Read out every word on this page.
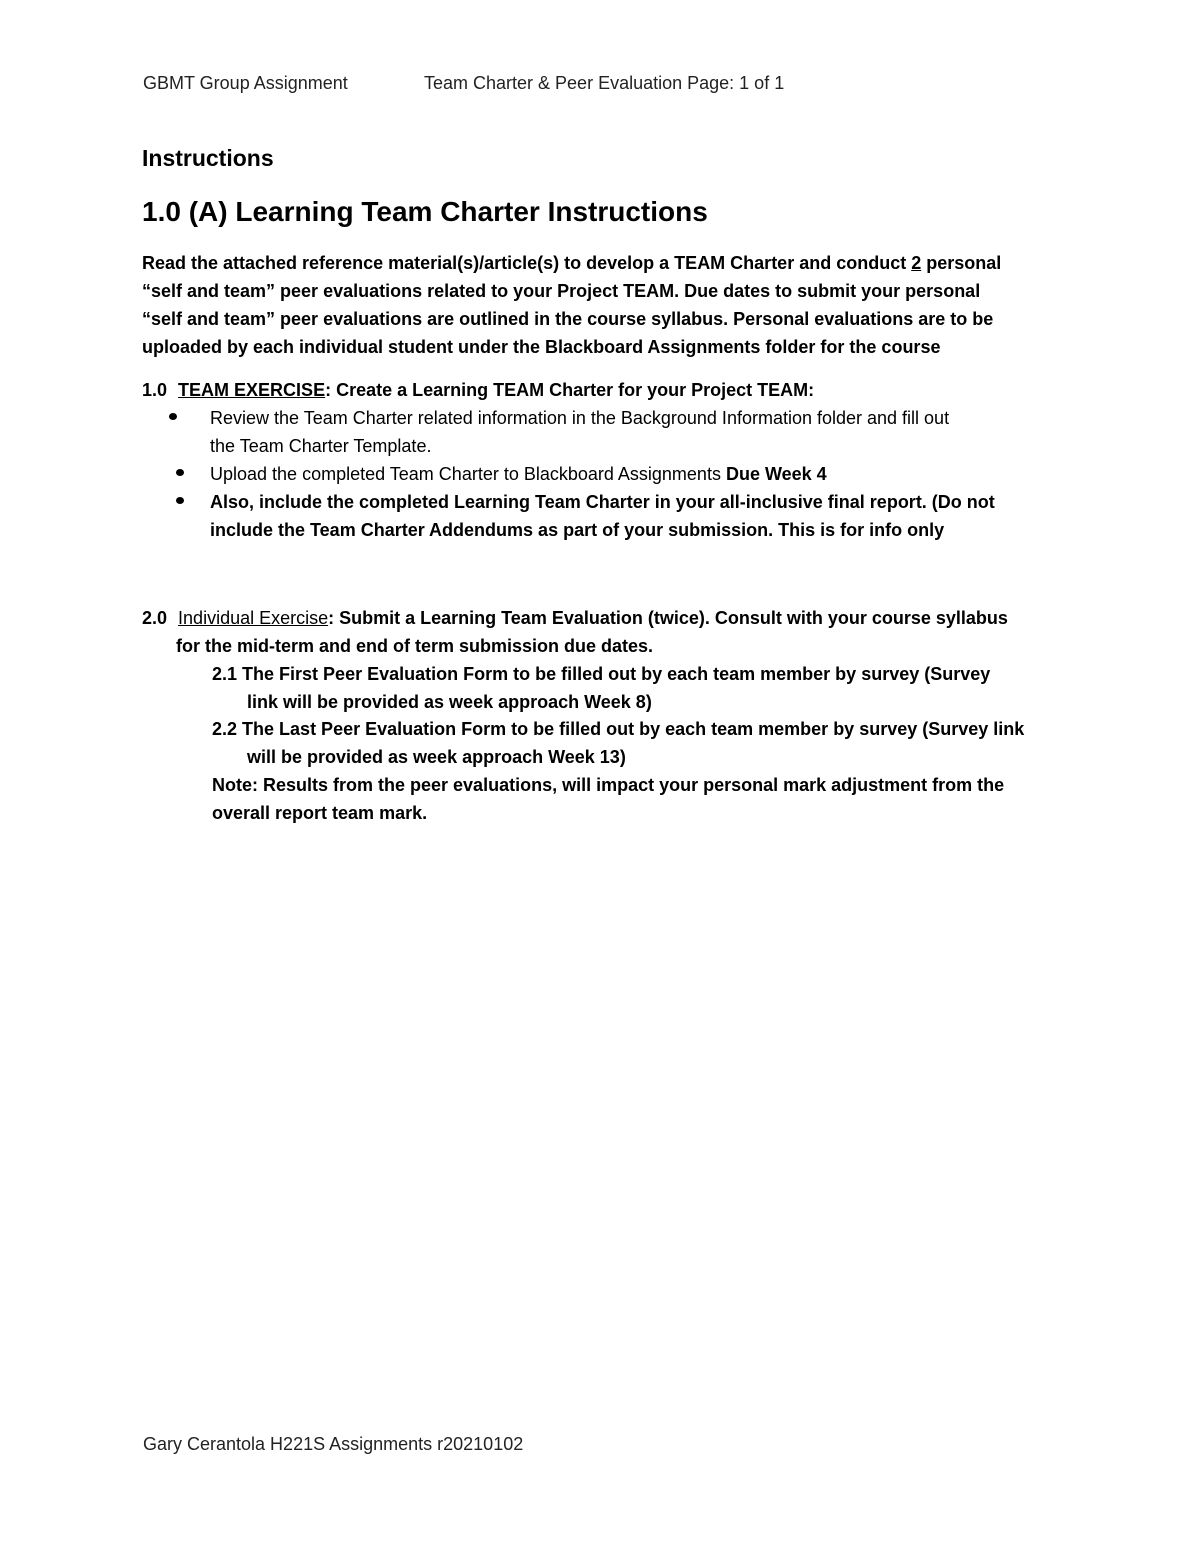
GBMT Group Assignment	Team Charter & Peer Evaluation Page: 1 of 1
Instructions
1.0 (A) Learning Team Charter Instructions
Read the attached reference material(s)/article(s) to develop a TEAM Charter and conduct 2 personal
“self and team” peer evaluations related to your Project TEAM. Due dates to submit your personal
“self and team” peer evaluations are outlined in the course syllabus. Personal evaluations are to be
uploaded by each individual student under the Blackboard Assignments folder for the course
1.0 TEAM EXERCISE: Create a Learning TEAM Charter for your Project TEAM:
Review the Team Charter related information in the Background Information folder and fill out
the Team Charter Template.
Upload the completed Team Charter to Blackboard Assignments Due Week 4
Also, include the completed Learning Team Charter in your all-inclusive final report. (Do not
include the Team Charter Addendums as part of your submission. This is for info only
2.0 Individual Exercise: Submit a Learning Team Evaluation (twice). Consult with your course syllabus
for the mid-term and end of term submission due dates.
2.1 The First Peer Evaluation Form to be filled out by each team member by survey (Survey
link will be provided as week approach Week 8)
2.2 The Last Peer Evaluation Form to be filled out by each team member by survey (Survey link
will be provided as week approach Week 13)
Note: Results from the peer evaluations, will impact your personal mark adjustment from the
overall report team mark.
Gary Cerantola H221S Assignments r20210102
